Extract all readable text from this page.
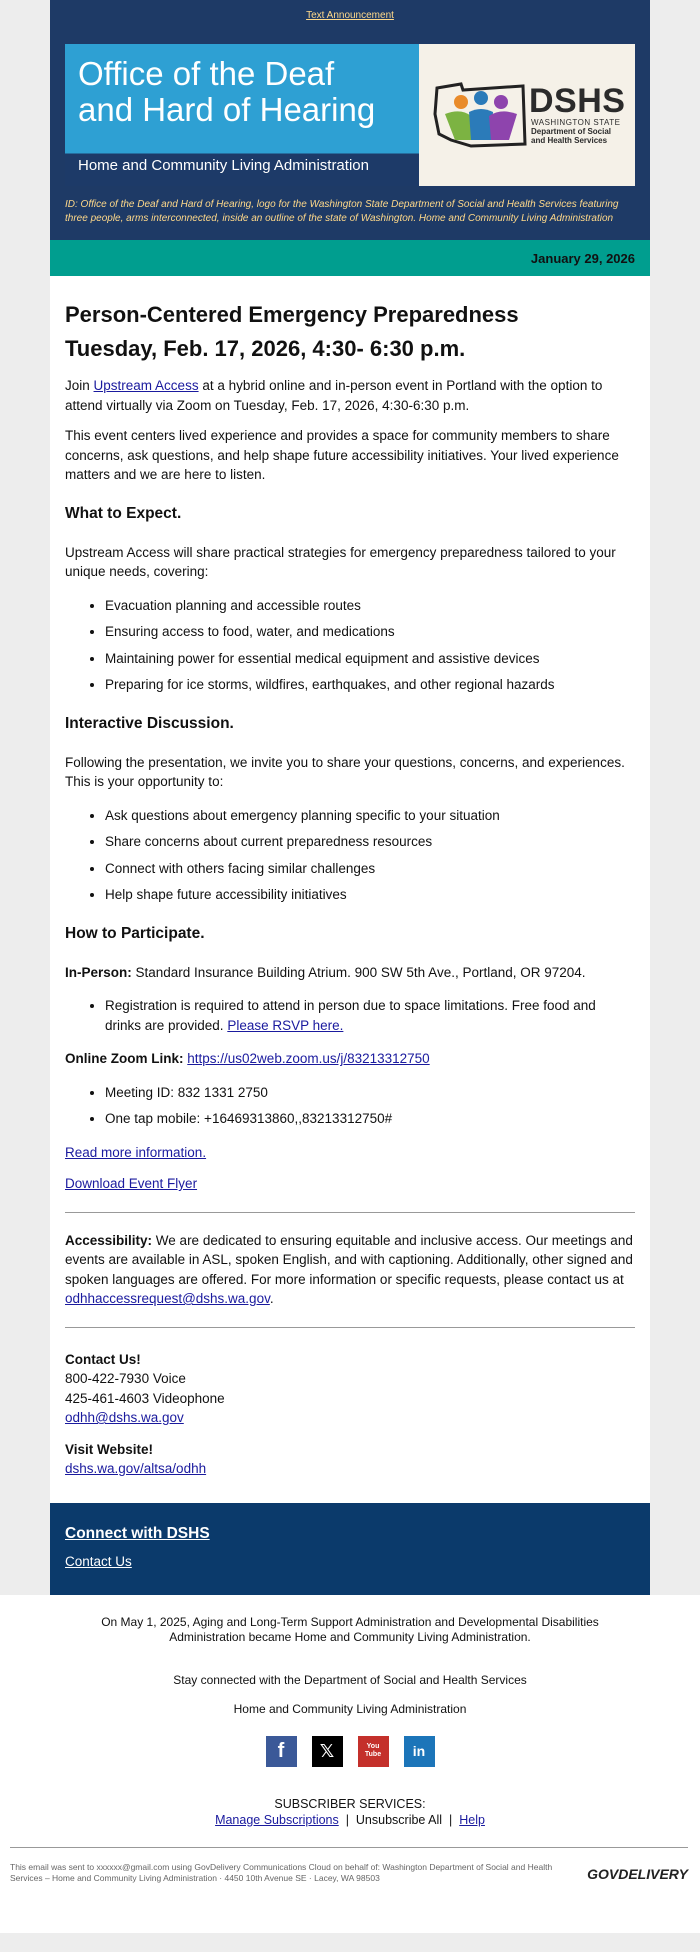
Text Announcement
Office of the Deaf and Hard of Hearing
Home and Community Living Administration
DSHS
WASHINGTON STATE
Department of Social and Health Services
ID: Office of the Deaf and Hard of Hearing, logo for the Washington State Department of Social and Health Services featuring three people, arms interconnected, inside an outline of the state of Washington. Home and Community Living Administration
January 29, 2026
Person-Centered Emergency Preparedness
Tuesday, Feb. 17, 2026, 4:30- 6:30 p.m.

Join Upstream Access at a hybrid online and in-person event in Portland with the option to attend virtually via Zoom on Tuesday, Feb. 17, 2026, 4:30-6:30 p.m.

This event centers lived experience and provides a space for community members to share concerns, ask questions, and help shape future accessibility initiatives. Your lived experience matters and we are here to listen.

What to Expect.

Upstream Access will share practical strategies for emergency preparedness tailored to your unique needs, covering:

• Evacuation planning and accessible routes
• Ensuring access to food, water, and medications
• Maintaining power for essential medical equipment and assistive devices
• Preparing for ice storms, wildfires, earthquakes, and other regional hazards
Interactive Discussion.

Following the presentation, we invite you to share your questions, concerns, and experiences. This is your opportunity to:

• Ask questions about emergency planning specific to your situation
• Share concerns about current preparedness resources
• Connect with others facing similar challenges
• Help shape future accessibility initiatives
How to Participate.

In-Person: Standard Insurance Building Atrium. 900 SW 5th Ave., Portland, OR 97204.

• Registration is required to attend in person due to space limitations. Free food and drinks are provided. Please RSVP here.

Online Zoom Link: https://us02web.zoom.us/j/83213312750

• Meeting ID: 832 1331 2750
• One tap mobile: +16469313860,,83213312750#

Read more information.

Download Event Flyer

Accessibility: We are dedicated to ensuring equitable and inclusive access. Our meetings and events are available in ASL, spoken English, and with captioning. Additionally, other signed and spoken languages are offered. For more information or specific requests, please contact us at odhhaccessrequest@dshs.wa.gov.

Contact Us!

800-422-7930 Voice

425-461-4603 Videophone

odhh@dshs.wa.gov

Visit Website!

dshs.wa.gov/altsa/odhh

Connect with DSHS
Contact Us
On May 1, 2025, Aging and Long-Term Support Administration and Developmental Disabilities Administration became Home and Community Living Administration.
Stay connected with the Department of Social and Health Services
Home and Community Living Administration
f 𝕏	You Tube in

SUBSCRIBER SERVICES:

Manage Subscriptions | Unsubscribe All | Help

This email was sent to xxxxxx@gmail.com using GovDelivery Communications Cloud on behalf of: Washington Department of Social and Health Services – Home and Community Living Administration · 4450 10th Avenue SE · Lacey, WA 98503	GOVDELIVERY
